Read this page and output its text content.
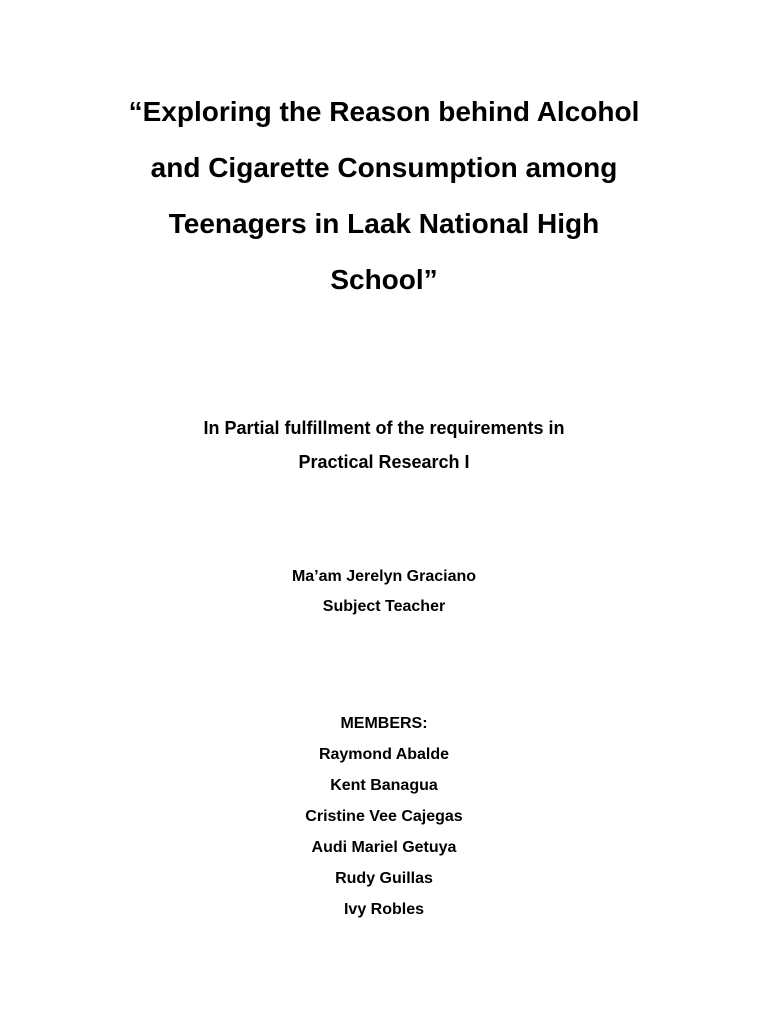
“Exploring the Reason behind Alcohol
and Cigarette Consumption among
Teenagers in Laak National High
School”
In Partial fulfillment of the requirements in
Practical Research I
Ma’am Jerelyn Graciano
Subject Teacher
MEMBERS:
Raymond Abalde
Kent Banagua
Cristine Vee Cajegas
Audi Mariel Getuya
Rudy Guillas
Ivy Robles
